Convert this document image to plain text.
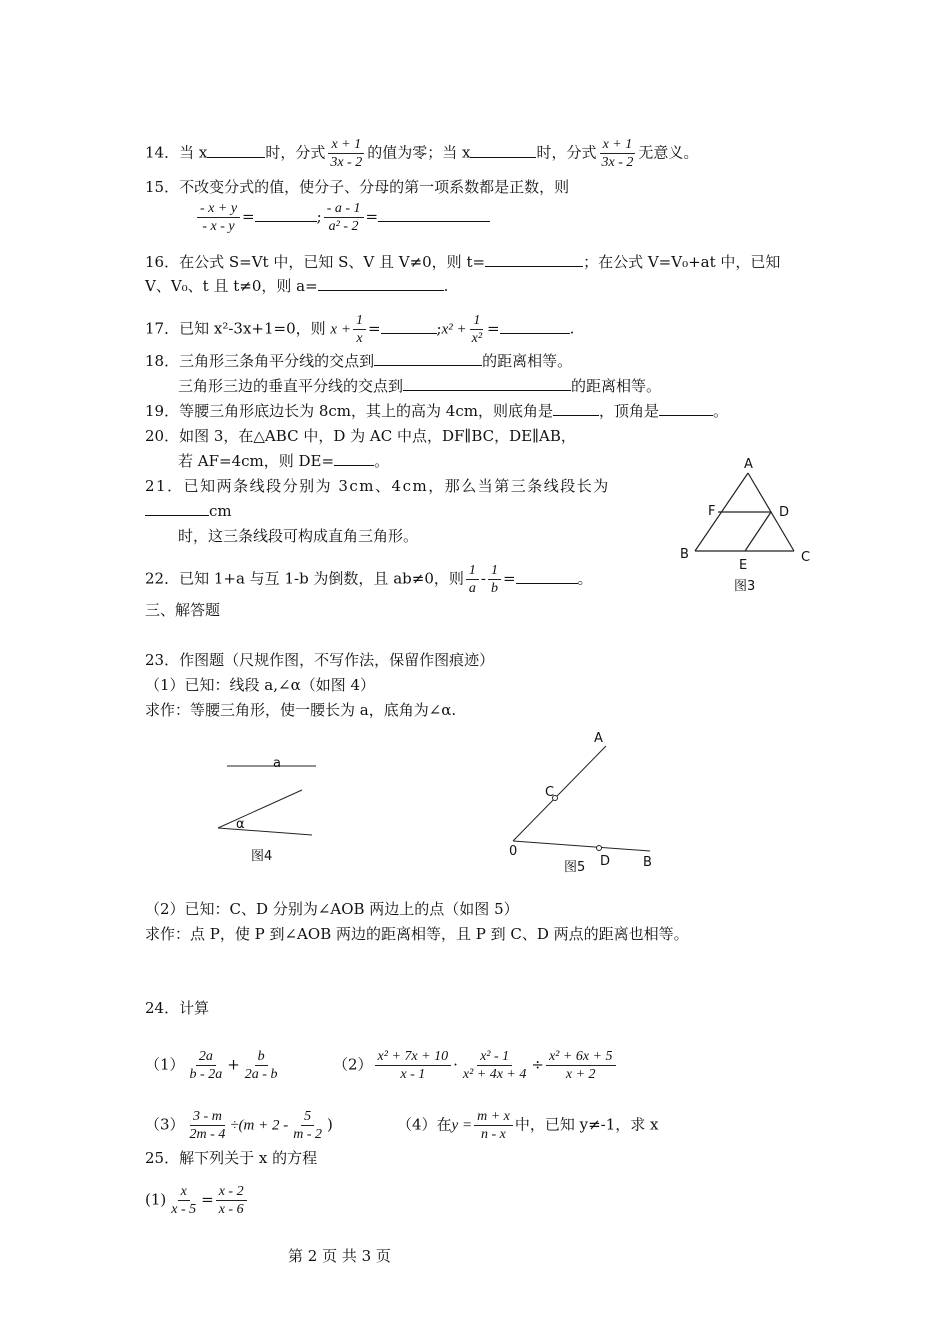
14．当 x	时，分式 $\frac{x + 1}{3x - 2}$ 的值为零；当 x	时，分式 $\frac{x + 1}{3x - 2}$ 无意义。
15．不改变分式的值，使分子、分母的第一项系数都是正数，则
$\frac{- x + y}{- x - y}$ =	; $\frac{- a - 1}{\text{a² - 2}}$ =
16．在公式 S=Vt 中，已知 S、V 且 V≠0，则 t=	；在公式 V=V₀+at 中，已知
V、V₀、t 且 t≠0，则 a=	.
17．已知 x²-3x+1=0，则 $x + \frac{1}{x}$ =	;x² + $\frac{1}{\text{x²}}$ =	.
18．三角形三条角平分线的交点到	的距离相等。
三角形三边的垂直平分线的交点到	的距离相等。
19．等腰三角形底边长为 8cm，其上的高为 4cm，则底角是	，顶角是	。
20．如图 3，在△ABC 中，D 为 AC 中点，DF∥BC，DE∥AB，
若 AF=4cm，则 DE=	。
21．已知两条线段分别为 3cm、4cm，那么当第三条线段长为
cm
时，这三条线段可构成直角三角形。
22．已知 1+a 与互 1-b 为倒数，且 ab≠0，则 $\frac{1}{a} - \frac{1}{b}$ =	。
A
F	D
B	C
E
图3
三、解答题
23．作图题（尺规作图，不写作法，保留作图痕迹）
（1）已知：线段 a,∠α（如图 4）
求作：等腰三角形，使一腰长为 a，底角为∠α.
a
α
图4
A
C
0
D	B
图5
（2）已知：C、D 分别为∠AOB 两边上的点（如图 5）
求作：点 P，使 P 到∠AOB 两边的距离相等，且 P 到 C、D 两点的距离也相等。
24．计算
$(1) \frac{2a}{b - 2a} + \frac{b}{2a - b}$	$(2) \frac{\text{x² + 7x + 10}}{x - 1} \cdot \frac{\text{x² - 1}}{\text{x² + 4x + 4}} \div \frac{\text{x² + 6x + 5}}{x + 2}$
$(3) \frac{3 - m}{2m - 4} \div(m + 2 - \frac{5}{m - 2}$ )	（4）在$y = \frac{m + x}{n - x}$ 中，已知 y≠-1，求 x
25．解下列关于 x 的方程
$(1) \frac{x}{x - 5} = \frac{x - 2}{x - 6}$
第 2 页 共 3 页
